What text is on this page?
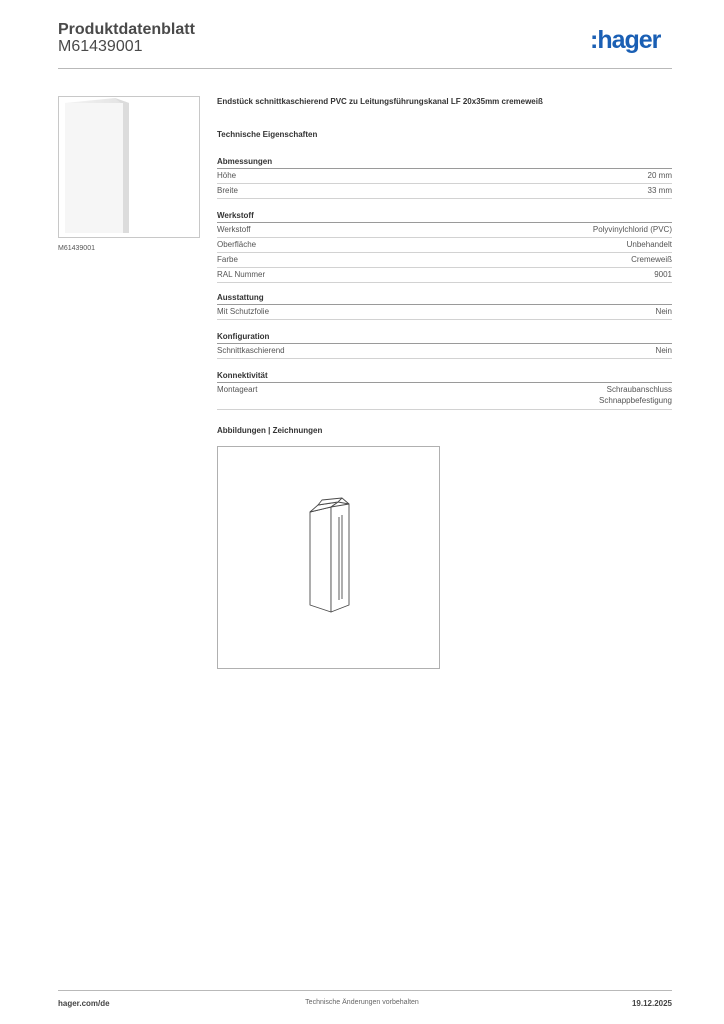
Produktdatenblatt
M61439001	:hager
M61439001

Endstück schnittkaschierend PVC zu Leitungsführungskanal LF 20x35mm cremeweiß

Technische Eigenschaften
Abmessungen
Höhe	20 mm
Breite	33 mm
Werkstoff
Werkstoff	Polyvinylchlorid (PVC)
Oberfläche	Unbehandelt
Farbe	Cremeweiß
RAL Nummer	9001
Ausstattung
Mit Schutzfolie	Nein
Konfiguration
Schnittkaschierend	Nein
Konnektivität
Montageart	Schraubanschluss
Schnappbefestigung
Abbildungen | Zeichnungen
hager.com/de	Technische Änderungen vorbehalten	19.12.2025
